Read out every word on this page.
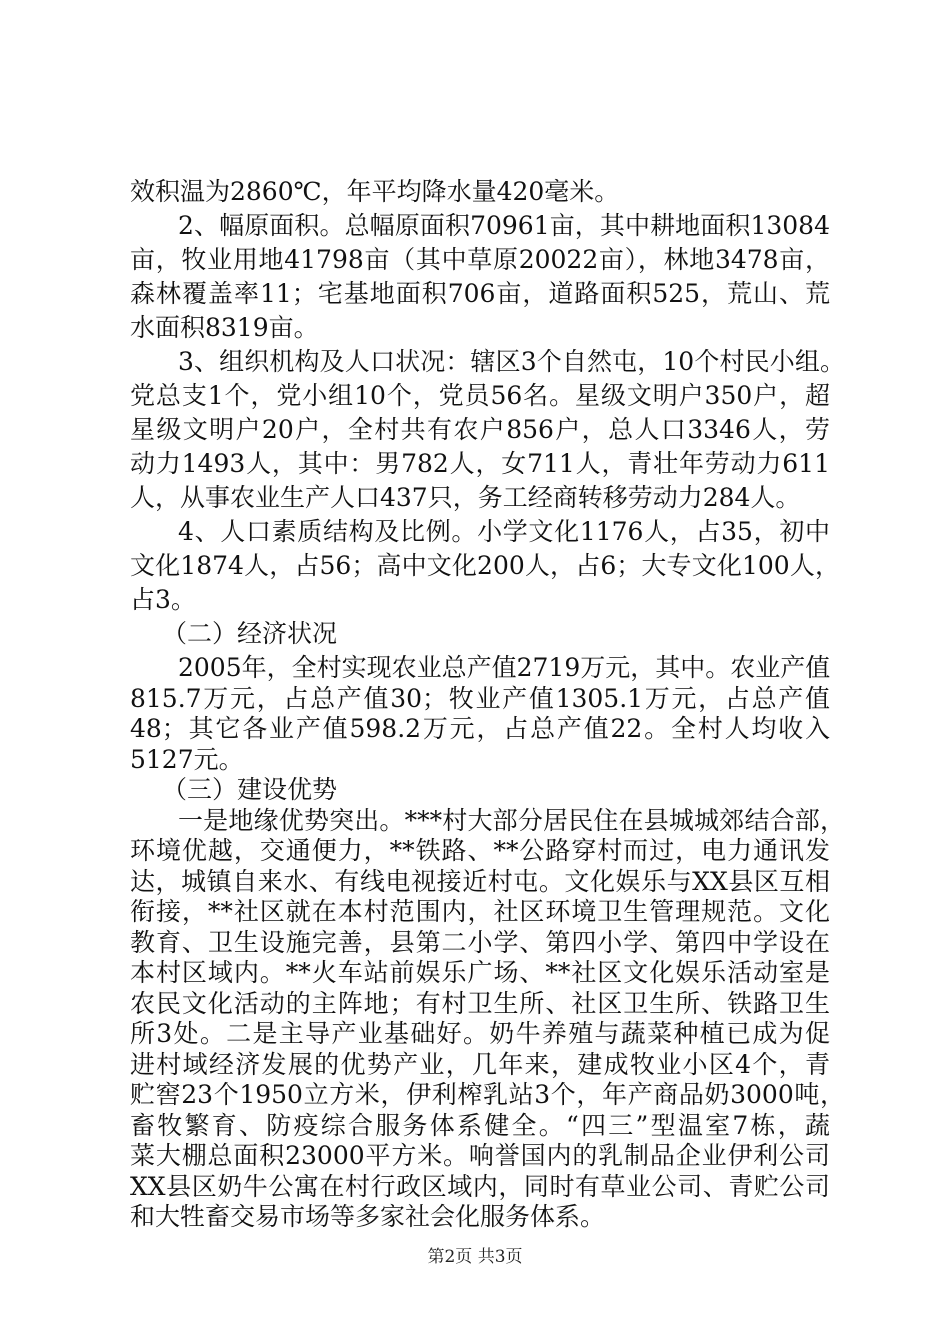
效积温为2860℃，年平均降水量420毫米。
2、幅原面积。总幅原面积70961亩，其中耕地面积13084
亩，牧业用地41798亩（其中草原20022亩），林地3478亩，
森林覆盖率11；宅基地面积706亩，道路面积525，荒山、荒
水面积8319亩。
3、组织机构及人口状况：辖区3个自然屯，10个村民小组。
党总支1个，党小组10个，党员56名。星级文明户350户，超
星级文明户20户，全村共有农户856户，总人口3346人，劳
动力1493人，其中：男782人，女711人，青壮年劳动力611
人，从事农业生产人口437只，务工经商转移劳动力284人。
4、人口素质结构及比例。小学文化1176人，占35，初中
文化1874人，占56；高中文化200人，占6；大专文化100人，
占3。
（二）经济状况
2005年，全村实现农业总产值2719万元，其中。农业产值
815.7万元，占总产值30；牧业产值1305.1万元，占总产值
48；其它各业产值598.2万元，占总产值22。全村人均收入
5127元。
（三）建设优势
一是地缘优势突出。***村大部分居民住在县城城郊结合部，
环境优越，交通便力，**铁路、**公路穿村而过，电力通讯发
达，城镇自来水、有线电视接近村屯。文化娱乐与XX县区互相
衔接，**社区就在本村范围内，社区环境卫生管理规范。文化
教育、卫生设施完善，县第二小学、第四小学、第四中学设在
本村区域内。**火车站前娱乐广场、**社区文化娱乐活动室是
农民文化活动的主阵地；有村卫生所、社区卫生所、铁路卫生
所3处。二是主导产业基础好。奶牛养殖与蔬菜种植已成为促
进村域经济发展的优势产业，几年来，建成牧业小区4个，青
贮窖23个1950立方米，伊利榨乳站3个，年产商品奶3000吨，
畜牧繁育、防疫综合服务体系健全。“四三”型温室7栋，蔬
菜大棚总面积23000平方米。响誉国内的乳制品企业伊利公司
XX县区奶牛公寓在村行政区域内，同时有草业公司、青贮公司
和大牲畜交易市场等多家社会化服务体系。
第2页 共3页
